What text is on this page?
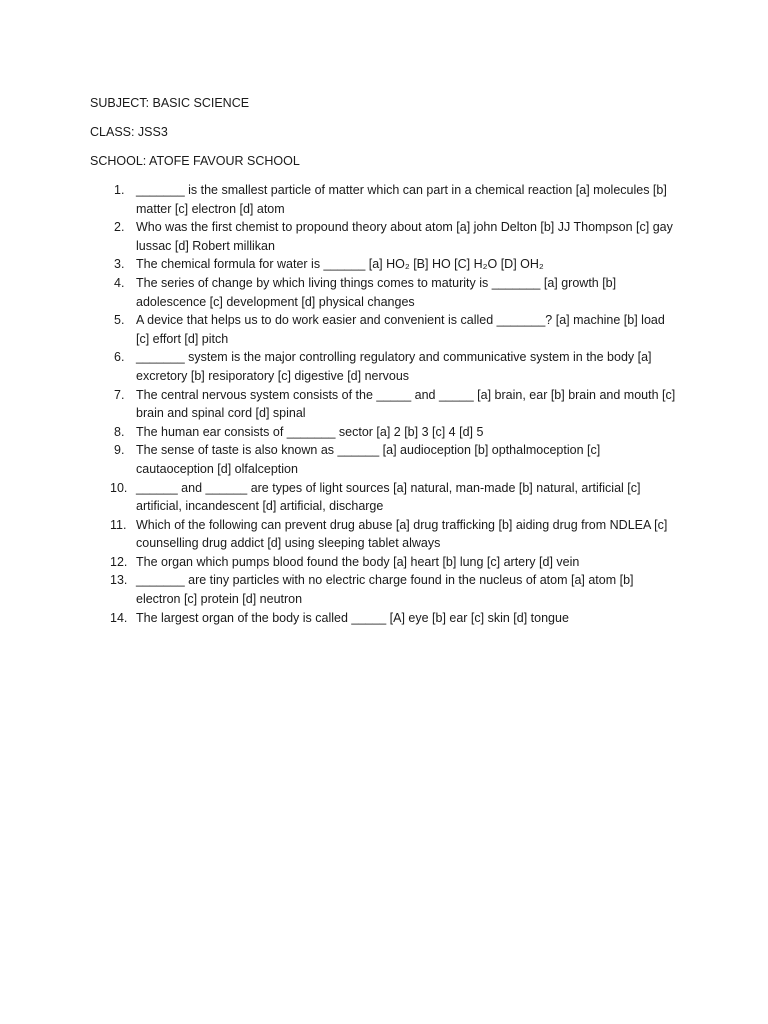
SUBJECT: BASIC SCIENCE
CLASS: JSS3
SCHOOL: ATOFE FAVOUR SCHOOL
1. _______ is the smallest particle of matter which can part in a chemical reaction [a] molecules [b] matter [c] electron [d] atom
2. Who was the first chemist to propound theory about atom [a] john Delton [b] JJ Thompson [c] gay lussac [d] Robert millikan
3. The chemical formula for water is ______ [a] HO₂ [B] HO [C] H₂O [D] OH₂
4. The series of change by which living things comes to maturity is _______ [a] growth [b] adolescence [c] development [d] physical changes
5. A device that helps us to do work easier and convenient is called _______? [a] machine [b] load [c] effort [d] pitch
6. _______ system is the major controlling regulatory and communicative system in the body [a] excretory [b] resiporatory [c] digestive [d] nervous
7. The central nervous system consists of the _____ and _____ [a] brain, ear [b] brain and mouth [c] brain and spinal cord [d] spinal
8. The human ear consists of _______ sector [a] 2 [b] 3 [c] 4 [d] 5
9. The sense of taste is also known as ______ [a] audioception [b] opthalmoception [c] cautaoception [d] olfalception
10. ______ and ______ are types of light sources [a] natural, man-made [b] natural, artificial [c] artificial, incandescent [d] artificial, discharge
11. Which of the following can prevent drug abuse [a] drug trafficking [b] aiding drug from NDLEA [c] counselling drug addict [d] using sleeping tablet always
12. The organ which pumps blood found the body [a] heart [b] lung [c] artery [d] vein
13. _______ are tiny particles with no electric charge found in the nucleus of atom [a] atom [b] electron [c] protein [d] neutron
14. The largest organ of the body is called _____ [A] eye [b] ear [c] skin [d] tongue
